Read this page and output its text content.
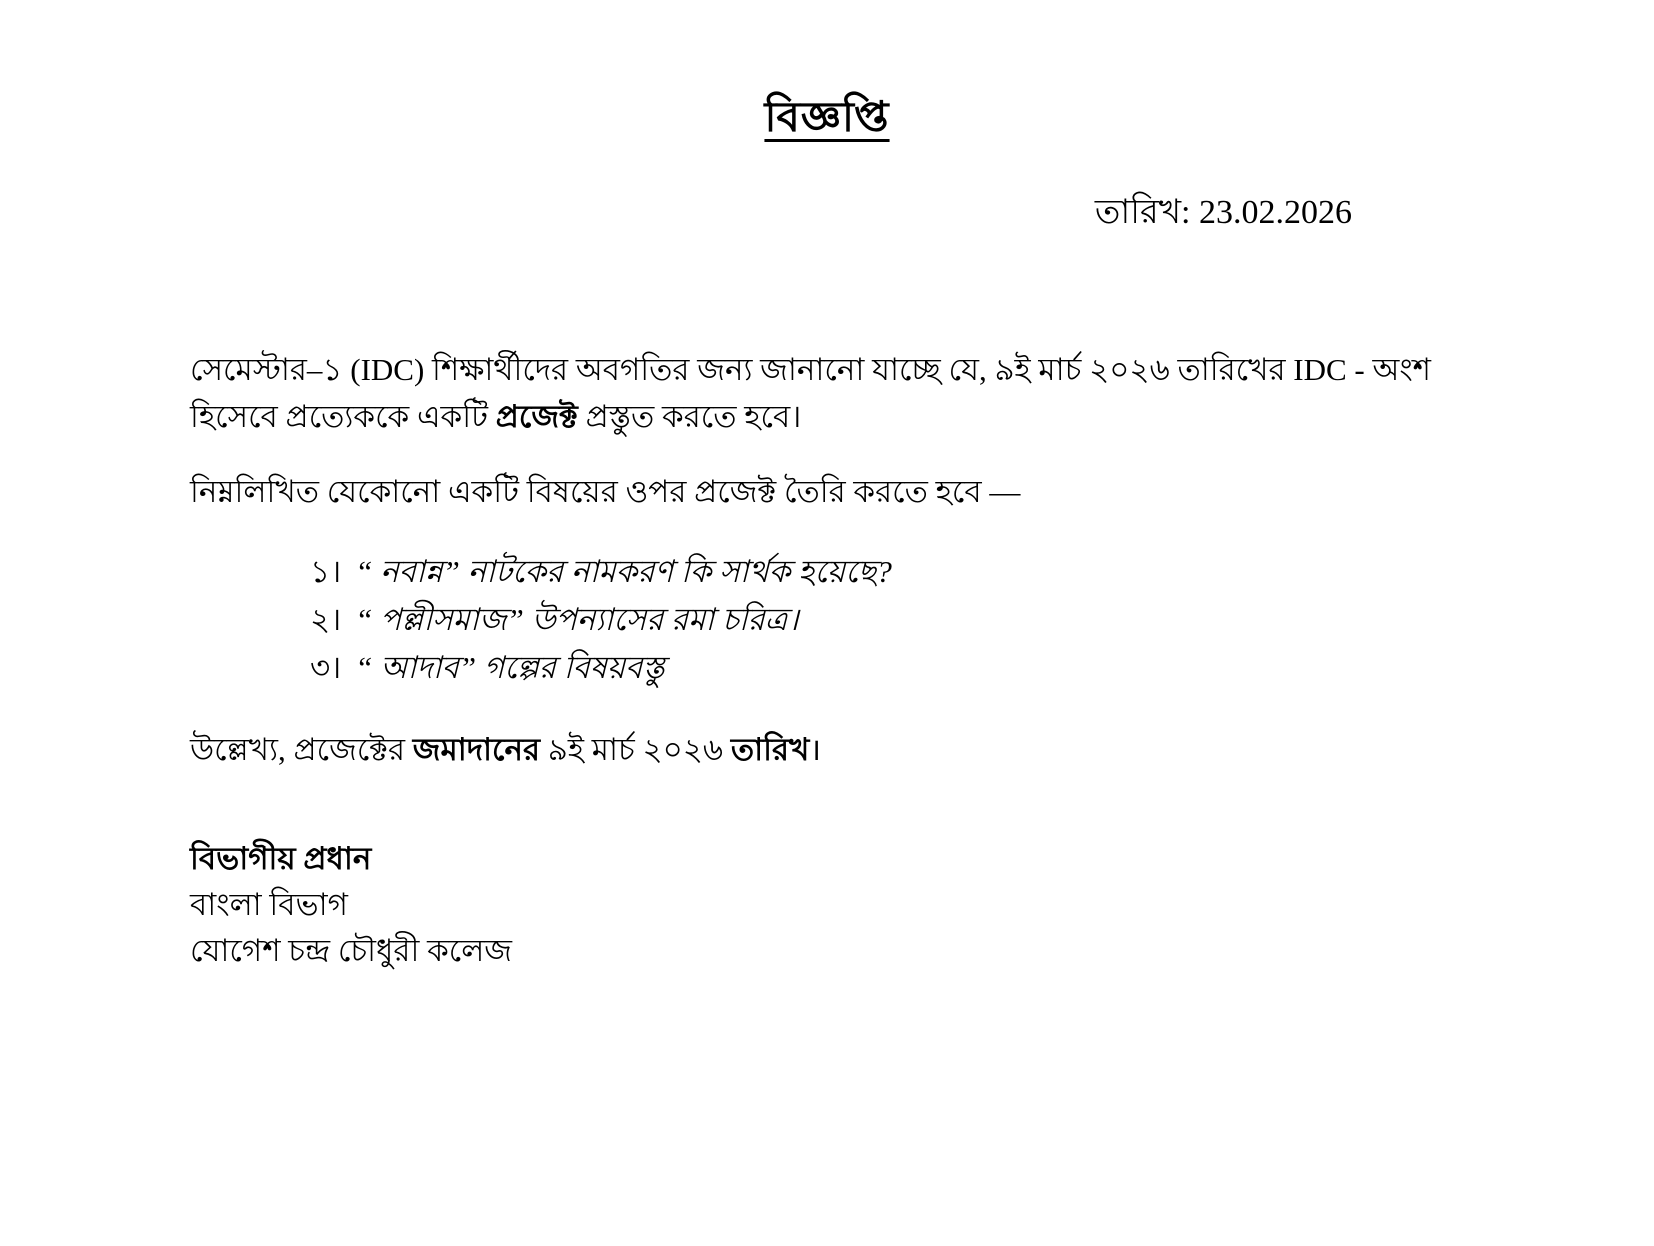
বিজ্ঞপ্তি
তারিখ: 23.02.2026
সেমেস্টার–১ (IDC) শিক্ষার্থীদের অবগতির জন্য জানানো যাচ্ছে যে, ৯ই মার্চ ২০২৬ তারিখের IDC - অংশ হিসেবে প্রত্যেককে একটি প্রজেক্ট প্রস্তুত করতে হবে।
নিম্নলিখিত যেকোনো একটি বিষয়ের ওপর প্রজেক্ট তৈরি করতে হবে —
১। “ নবান্ন” নাটকের নামকরণ কি সার্থক হয়েছে?
২। “ পল্লীসমাজ” উপন্যাসের রমা চরিত্র।
৩। “ আদাব” গল্পের বিষয়বস্তু
উল্লেখ্য, প্রজেক্টের জমাদানের ৯ই মার্চ ২০২৬ তারিখ।
বিভাগীয় প্রধান
বাংলা বিভাগ
যোগেশ চন্দ্র চৌধুরী কলেজ
